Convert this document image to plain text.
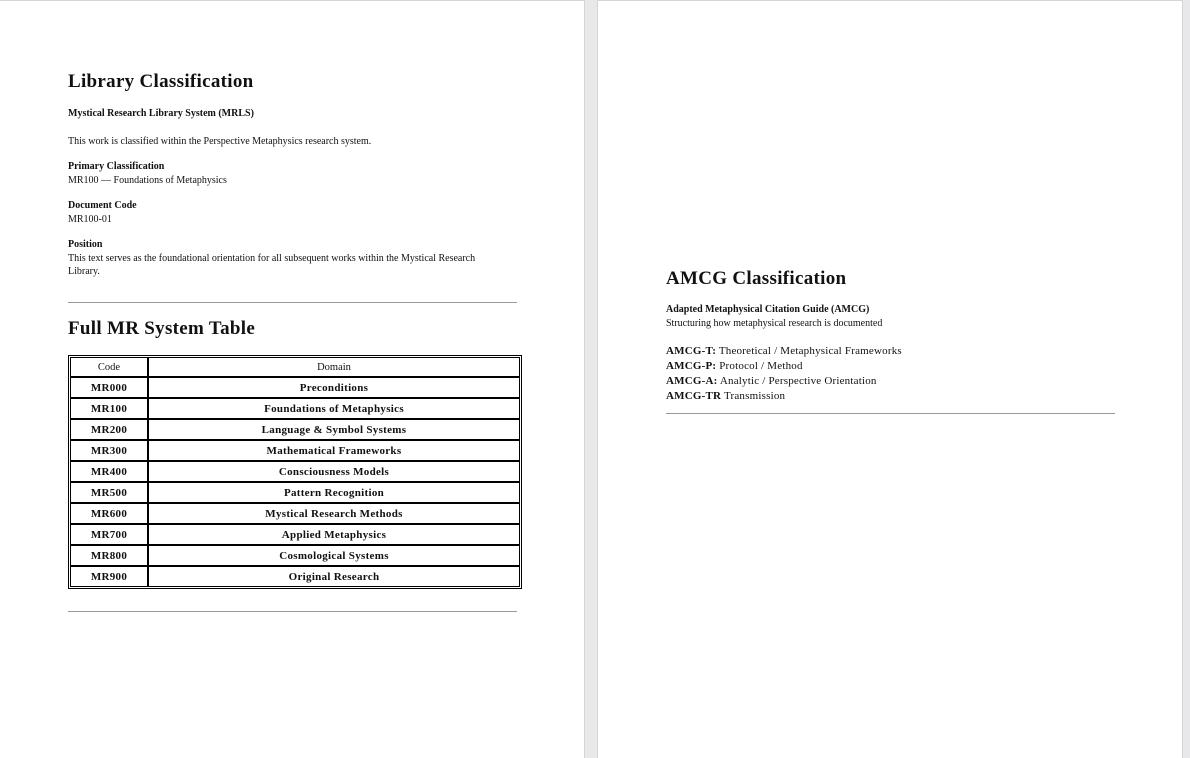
Library Classification
Mystical Research Library System (MRLS)
This work is classified within the Perspective Metaphysics research system.
Primary Classification
MR100 — Foundations of Metaphysics
Document Code
MR100-01
Position
This text serves as the foundational orientation for all subsequent works within the Mystical Research Library.
Full MR System Table
Code	Domain
MR000	Preconditions
MR100	Foundations of Metaphysics
MR200	Language & Symbol Systems
MR300	Mathematical Frameworks
MR400	Consciousness Models
MR500	Pattern Recognition
MR600	Mystical Research Methods
MR700	Applied Metaphysics
MR800	Cosmological Systems
MR900	Original Research
AMCG Classification
Adapted Metaphysical Citation Guide (AMCG)
Structuring how metaphysical research is documented
AMCG-T: Theoretical / Metaphysical Frameworks
AMCG-P: Protocol / Method
AMCG-A: Analytic / Perspective Orientation
AMCG-TR Transmission
